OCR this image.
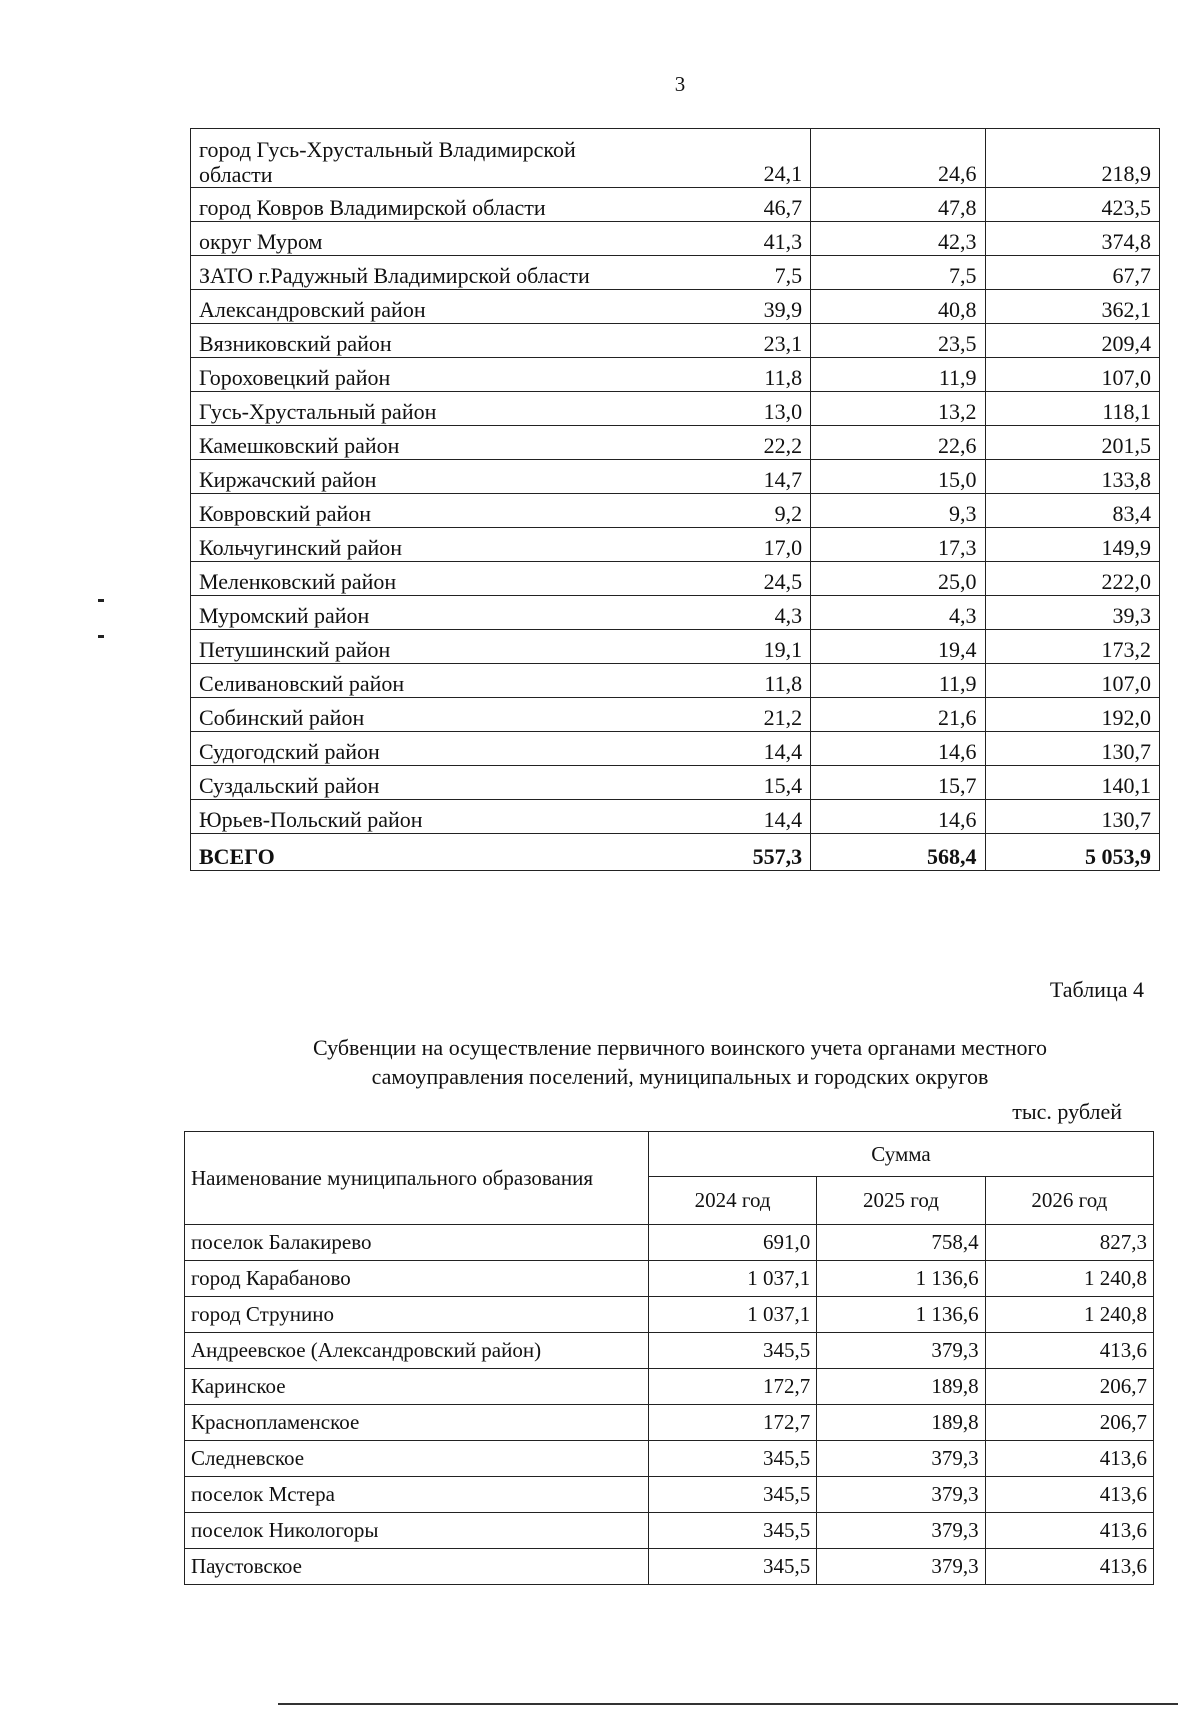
3
город Гусь-Хрустальный Владимирской области	24,1	24,6	218,9
город Ковров Владимирской области	46,7	47,8	423,5
округ Муром	41,3	42,3	374,8
ЗАТО г.Радужный Владимирской области	7,5	7,5	67,7
Александровский район	39,9	40,8	362,1
Вязниковский район	23,1	23,5	209,4
Гороховецкий район	11,8	11,9	107,0
Гусь-Хрустальный район	13,0	13,2	118,1
Камешковский район	22,2	22,6	201,5
Киржачский район	14,7	15,0	133,8
Ковровский район	9,2	9,3	83,4
Кольчугинский район	17,0	17,3	149,9
Меленковский район	24,5	25,0	222,0
Муромский район	4,3	4,3	39,3
Петушинский район	19,1	19,4	173,2
Селивановский район	11,8	11,9	107,0
Собинский район	21,2	21,6	192,0
Судогодский район	14,4	14,6	130,7
Суздальский район	15,4	15,7	140,1
Юрьев-Польский район	14,4	14,6	130,7
ВСЕГО	557,3	568,4	5 053,9
Таблица 4
Субвенции на осуществление первичного воинского учета органами местного
самоуправления поселений, муниципальных и городских округов
тыс. рублей
Наименование муниципального образования	Сумма		
	2024 год	2025 год	2026 год
поселок Балакирево	691,0	758,4	827,3
город Карабаново	1 037,1	1 136,6	1 240,8
город Струнино	1 037,1	1 136,6	1 240,8
Андреевское (Александровский район)	345,5	379,3	413,6
Каринское	172,7	189,8	206,7
Краснопламенское	172,7	189,8	206,7
Следневское	345,5	379,3	413,6
поселок Мстера	345,5	379,3	413,6
поселок Никологоры	345,5	379,3	413,6
Паустовское	345,5	379,3	413,6
